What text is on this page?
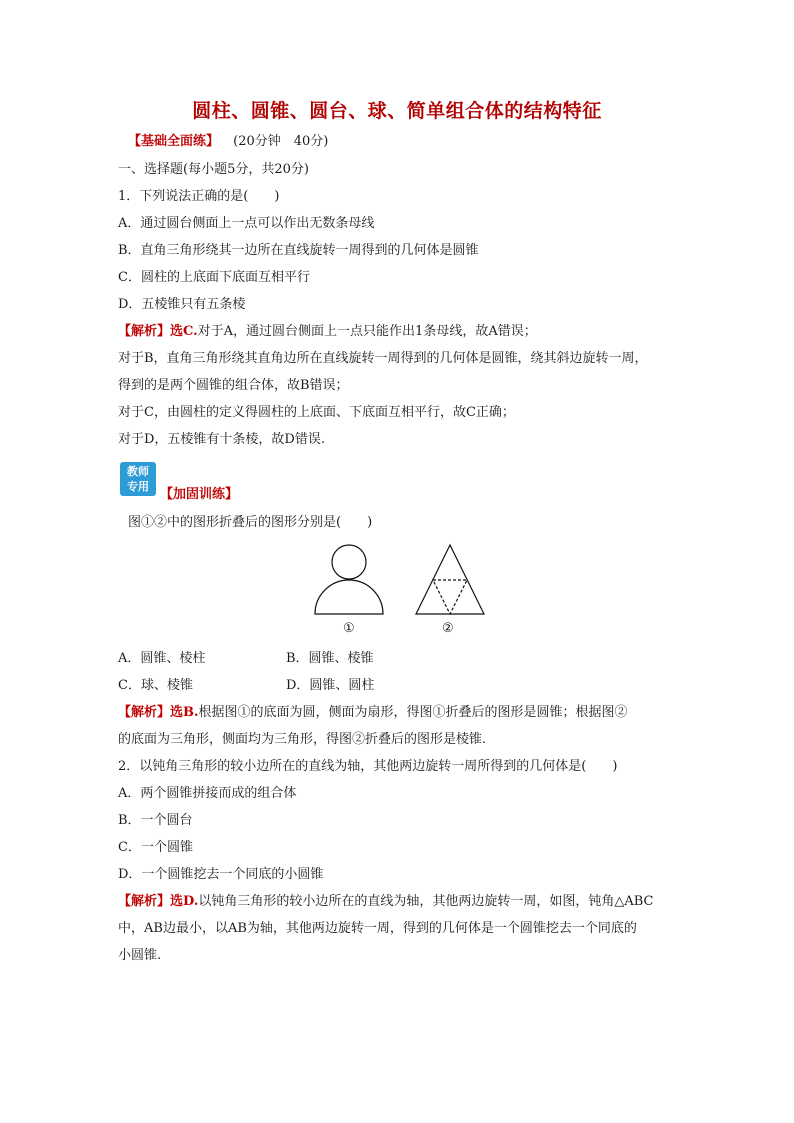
圆柱、圆锥、圆台、球、简单组合体的结构特征
【基础全面练】 (20分钟　40分)
一、选择题(每小题5分，共20分)
1．下列说法正确的是(　　)
A．通过圆台侧面上一点可以作出无数条母线
B．直角三角形绕其一边所在直线旋转一周得到的几何体是圆锥
C．圆柱的上底面下底面互相平行
D．五棱锥只有五条棱
【解析】选C.对于A，通过圆台侧面上一点只能作出1条母线，故A错误；
对于B，直角三角形绕其直角边所在直线旋转一周得到的几何体是圆锥，绕其斜边旋转一周，
得到的是两个圆锥的组合体，故B错误；
对于C，由圆柱的定义得圆柱的上底面、下底面互相平行，故C正确；
对于D，五棱锥有十条棱，故D错误.
教师
专用
【加固训练】
图①②中的图形折叠后的图形分别是(　　)
①	②
A．圆锥、棱柱	B．圆锥、棱锥
C．球、棱锥	D．圆锥、圆柱
【解析】选B.根据图①的底面为圆，侧面为扇形，得图①折叠后的图形是圆锥；根据图②
的底面为三角形，侧面均为三角形，得图②折叠后的图形是棱锥.
2．以钝角三角形的较小边所在的直线为轴，其他两边旋转一周所得到的几何体是(　　)
A．两个圆锥拼接而成的组合体
B．一个圆台
C．一个圆锥
D．一个圆锥挖去一个同底的小圆锥
【解析】选D.以钝角三角形的较小边所在的直线为轴，其他两边旋转一周，如图，钝角△ABC
中，AB边最小，以AB为轴，其他两边旋转一周，得到的几何体是一个圆锥挖去一个同底的
小圆锥.
